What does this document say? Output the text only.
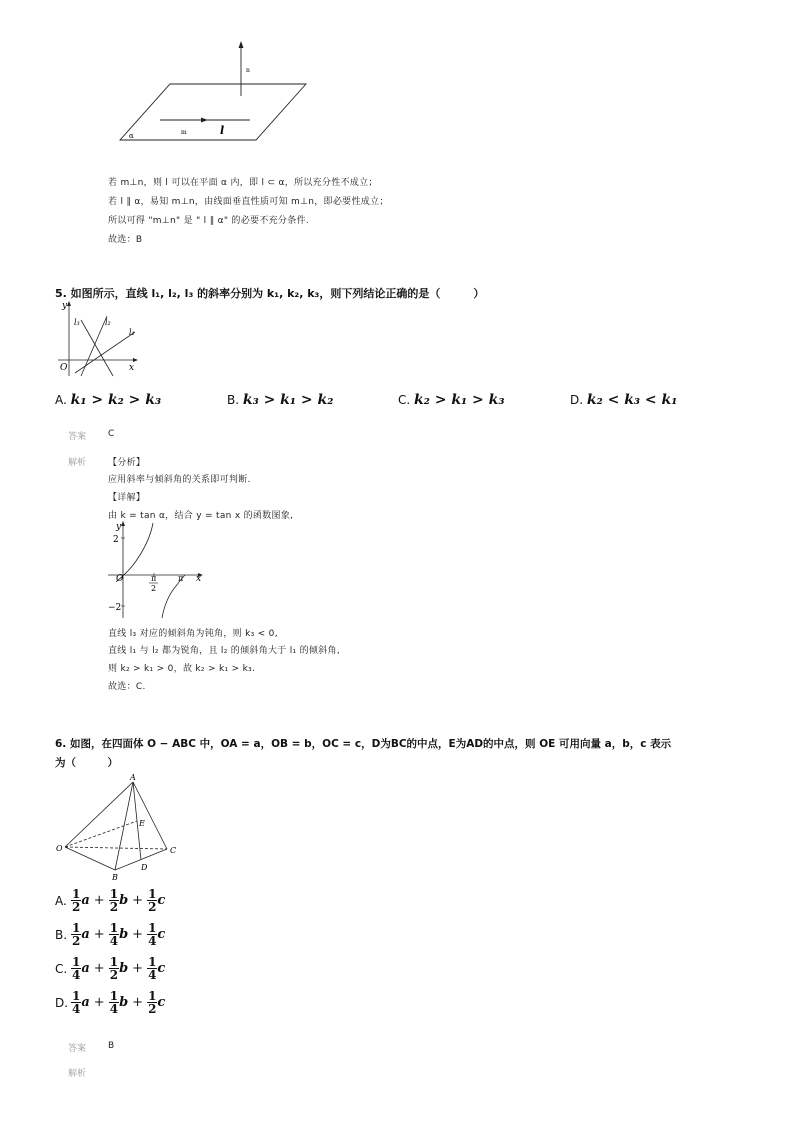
n
m	l
α
若 m⊥n，则 l 可以在平面 α 内，即 l ⊂ α，所以充分性不成立；
若 l ∥ α，易知 m⊥n，由线面垂直性质可知 m⊥n，即必要性成立；
所以可得 "m⊥n" 是 " l ∥ α" 的必要不充分条件.
故选：B
5. 如图所示，直线 l₁, l₂, l₃ 的斜率分别为 k₁, k₂, k₃，则下列结论正确的是（　　　）
y
x
O
l₁
l₂
l₃
A. k₁ > k₂ > k₃	B. k₃ > k₁ > k₂	C. k₂ > k₁ > k₃	D. k₂ < k₃ < k₁
答案 C
解析 【分析】
应用斜率与倾斜角的关系即可判断.
【详解】
由 k = tan α，结合 y = tan x 的函数图象,
y
x
O
2
−2
π
2
π
直线 l₃ 对应的倾斜角为钝角，则 k₃ < 0,
直线 l₁ 与 l₂ 都为锐角，且 l₂ 的倾斜角大于 l₁ 的倾斜角,
则 k₂ > k₁ > 0，故 k₂ > k₁ > k₃.
故选：C.
6. 如图，在四面体 O − ABC 中，OA = a，OB = b，OC = c，D为BC的中点，E为AD的中点，则 OE 可用向量 a，b，c 表示
为（　　　）
A
E
O	C
D
B
A. $\frac{1}{2}$ $a + \frac{1}{2}$ $b + \frac{1}{2}$ c
B. $\frac{1}{2}$ $a + \frac{1}{4}$ $b + \frac{1}{4}$ c
C. $\frac{1}{4}$ $a + \frac{1}{2}$ $b + \frac{1}{4}$ c
D. $\frac{1}{4}$ $a + \frac{1}{4}$ $b + \frac{1}{2}$ c
答案 B
解析
